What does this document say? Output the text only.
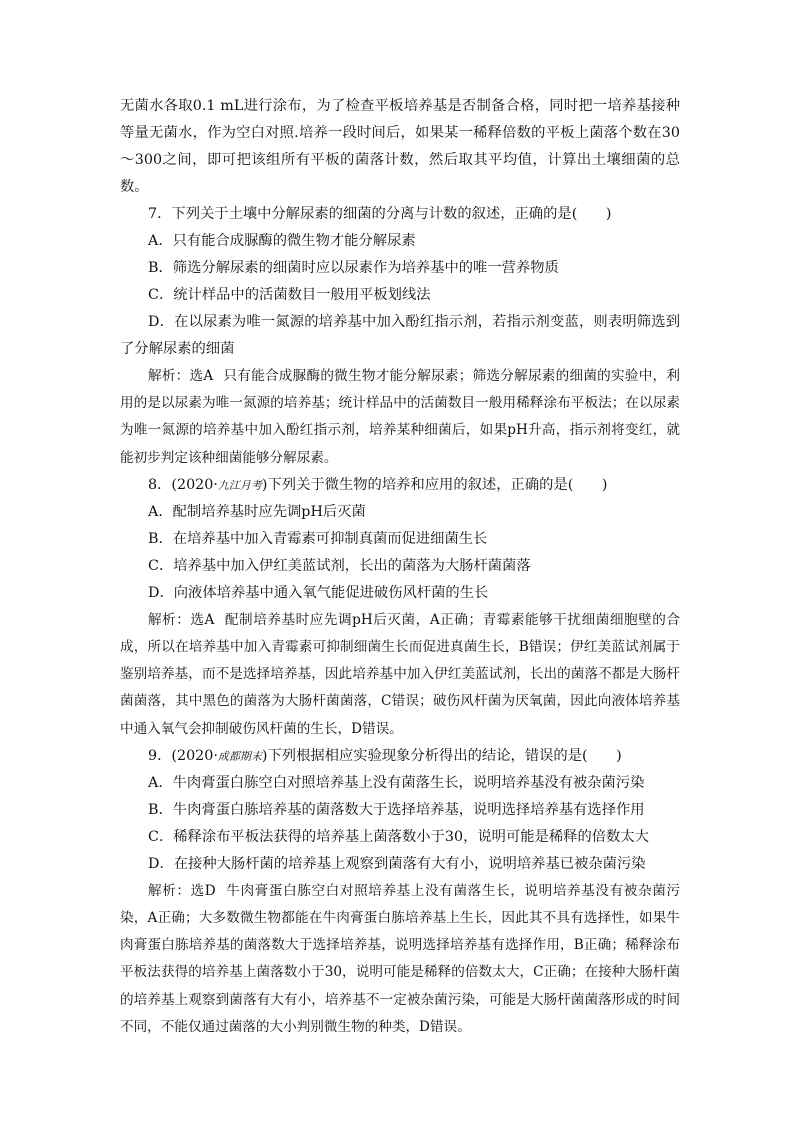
无菌水各取0.1 mL进行涂布，为了检查平板培养基是否制备合格，同时把一培养基接种等量无菌水，作为空白对照.培养一段时间后，如果某一稀释倍数的平板上菌落个数在30～300之间，即可把该组所有平板的菌落计数，然后取其平均值，计算出土壤细菌的总数。

7．下列关于土壤中分解尿素的细菌的分离与计数的叙述，正确的是(　　)

A．只有能合成脲酶的微生物才能分解尿素

B．筛选分解尿素的细菌时应以尿素作为培养基中的唯一营养物质

C．统计样品中的活菌数目一般用平板划线法

D．在以尿素为唯一氮源的培养基中加入酚红指示剂，若指示剂变蓝，则表明筛选到了分解尿素的细菌

解析：选A 只有能合成脲酶的微生物才能分解尿素；筛选分解尿素的细菌的实验中，利用的是以尿素为唯一氮源的培养基；统计样品中的活菌数目一般用稀释涂布平板法；在以尿素为唯一氮源的培养基中加入酚红指示剂，培养某种细菌后，如果pH升高，指示剂将变红，就能初步判定该种细菌能够分解尿素。

8．(2020·九江月考)下列关于微生物的培养和应用的叙述，正确的是(　　)

A．配制培养基时应先调pH后灭菌

B．在培养基中加入青霉素可抑制真菌而促进细菌生长

C．培养基中加入伊红美蓝试剂，长出的菌落为大肠杆菌菌落

D．向液体培养基中通入氧气能促进破伤风杆菌的生长

解析：选A 配制培养基时应先调pH后灭菌，A正确；青霉素能够干扰细菌细胞壁的合成，所以在培养基中加入青霉素可抑制细菌生长而促进真菌生长，B错误；伊红美蓝试剂属于鉴别培养基，而不是选择培养基，因此培养基中加入伊红美蓝试剂，长出的菌落不都是大肠杆菌菌落，其中黑色的菌落为大肠杆菌菌落，C错误；破伤风杆菌为厌氧菌，因此向液体培养基中通入氧气会抑制破伤风杆菌的生长，D错误。

9．(2020·成都期末)下列根据相应实验现象分析得出的结论，错误的是(　　)

A．牛肉膏蛋白胨空白对照培养基上没有菌落生长，说明培养基没有被杂菌污染

B．牛肉膏蛋白胨培养基的菌落数大于选择培养基，说明选择培养基有选择作用

C．稀释涂布平板法获得的培养基上菌落数小于30，说明可能是稀释的倍数太大

D．在接种大肠杆菌的培养基上观察到菌落有大有小，说明培养基已被杂菌污染

解析：选D 牛肉膏蛋白胨空白对照培养基上没有菌落生长，说明培养基没有被杂菌污染，A正确；大多数微生物都能在牛肉膏蛋白胨培养基上生长，因此其不具有选择性，如果牛肉膏蛋白胨培养基的菌落数大于选择培养基，说明选择培养基有选择作用，B正确；稀释涂布平板法获得的培养基上菌落数小于30，说明可能是稀释的倍数太大，C正确；在接种大肠杆菌的培养基上观察到菌落有大有小，培养基不一定被杂菌污染，可能是大肠杆菌菌落形成的时间不同，不能仅通过菌落的大小判别微生物的种类，D错误。
